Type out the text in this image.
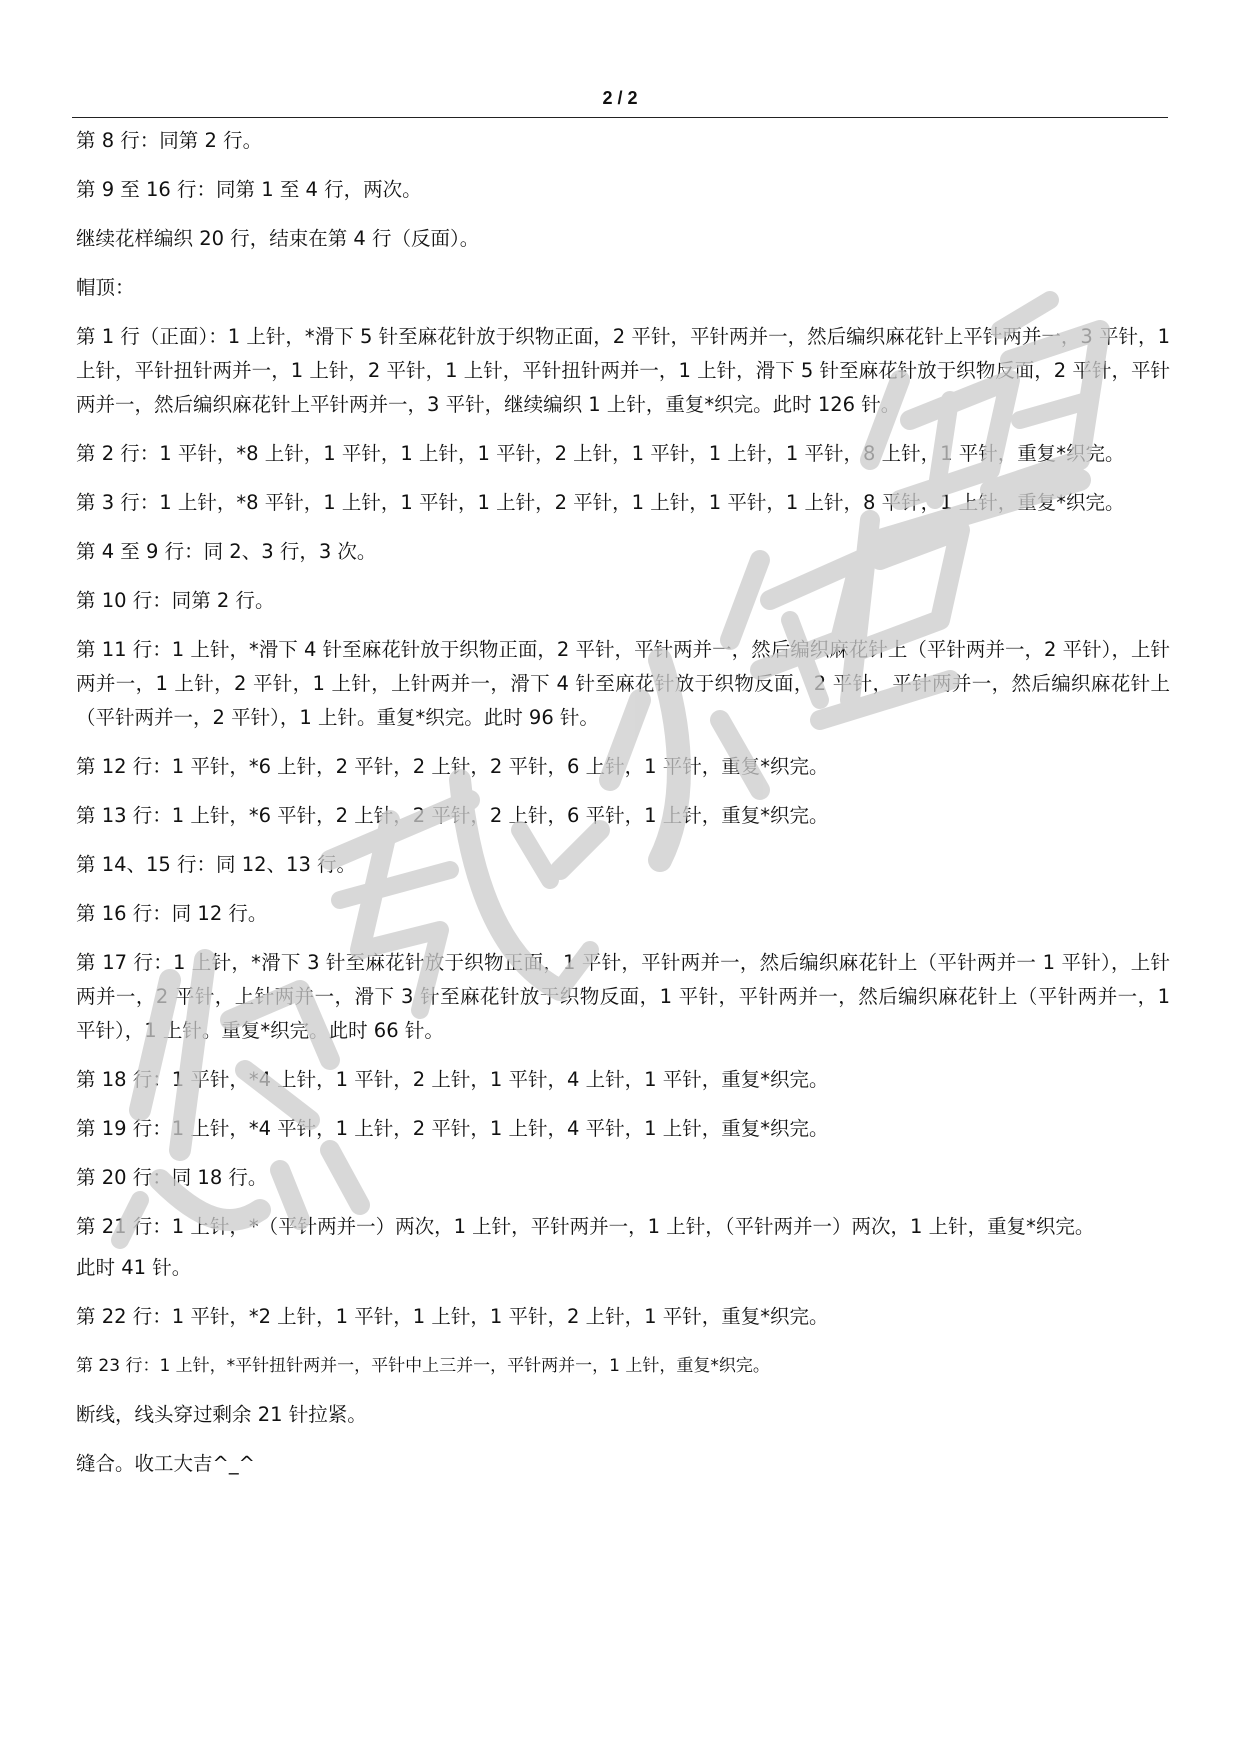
2 / 2

第 8 行：同第 2 行。

第 9 至 16 行：同第 1 至 4 行，两次。

继续花样编织 20 行，结束在第 4 行（反面）。

帽顶：

第 1 行（正面）：1 上针，*滑下 5 针至麻花针放于织物正面，2 平针，平针两并一，然后编织麻花针上平针两并一，3 平针，1 上针，平针扭针两并一，1 上针，2 平针，1 上针，平针扭针两并一，1 上针，滑下 5 针至麻花针放于织物反面，2 平针，平针两并一，然后编织麻花针上平针两并一，3 平针，继续编织 1 上针，重复*织完。此时 126 针。

第 2 行：1 平针，*8 上针，1 平针，1 上针，1 平针，2 上针，1 平针，1 上针，1 平针，8 上针，1 平针，重复*织完。

第 3 行：1 上针，*8 平针，1 上针，1 平针，1 上针，2 平针，1 上针，1 平针，1 上针，8 平针，1 上针，重复*织完。

第 4 至 9 行：同 2、3 行，3 次。

第 10 行：同第 2 行。

第 11 行：1 上针，*滑下 4 针至麻花针放于织物正面，2 平针，平针两并一，然后编织麻花针上（平针两并一，2 平针），上针两并一，1 上针，2 平针，1 上针，上针两并一，滑下 4 针至麻花针放于织物反面，2 平针，平针两并一，然后编织麻花针上（平针两并一，2 平针），1 上针。重复*织完。此时 96 针。

第 12 行：1 平针，*6 上针，2 平针，2 上针，2 平针，6 上针，1 平针，重复*织完。

第 13 行：1 上针，*6 平针，2 上针，2 平针，2 上针，6 平针，1 上针，重复*织完。

第 14、15 行：同 12、13 行。

第 16 行：同 12 行。

第 17 行：1 上针，*滑下 3 针至麻花针放于织物正面，1 平针，平针两并一，然后编织麻花针上（平针两并一 1 平针），上针两并一，2 平针，上针两并一，滑下 3 针至麻花针放于织物反面，1 平针，平针两并一，然后编织麻花针上（平针两并一，1 平针），1 上针。重复*织完。此时 66 针。

第 18 行：1 平针，*4 上针，1 平针，2 上针，1 平针，4 上针，1 平针，重复*织完。

第 19 行：1 上针，*4 平针，1 上针，2 平针，1 上针，4 平针，1 上针，重复*织完。

第 20 行：同 18 行。

第 21 行：1 上针，*（平针两并一）两次，1 上针，平针两并一，1 上针，（平针两并一）两次，1 上针，重复*织完。

此时 41 针。

第 22 行：1 平针，*2 上针，1 平针，1 上针，1 平针，2 上针，1 平针，重复*织完。

第 23 行：1 上针，*平针扭针两并一，平针中上三并一，平针两并一，1 上针，重复*织完。

断线，线头穿过剩余 21 针拉紧。

缝合。收工大吉^_^
